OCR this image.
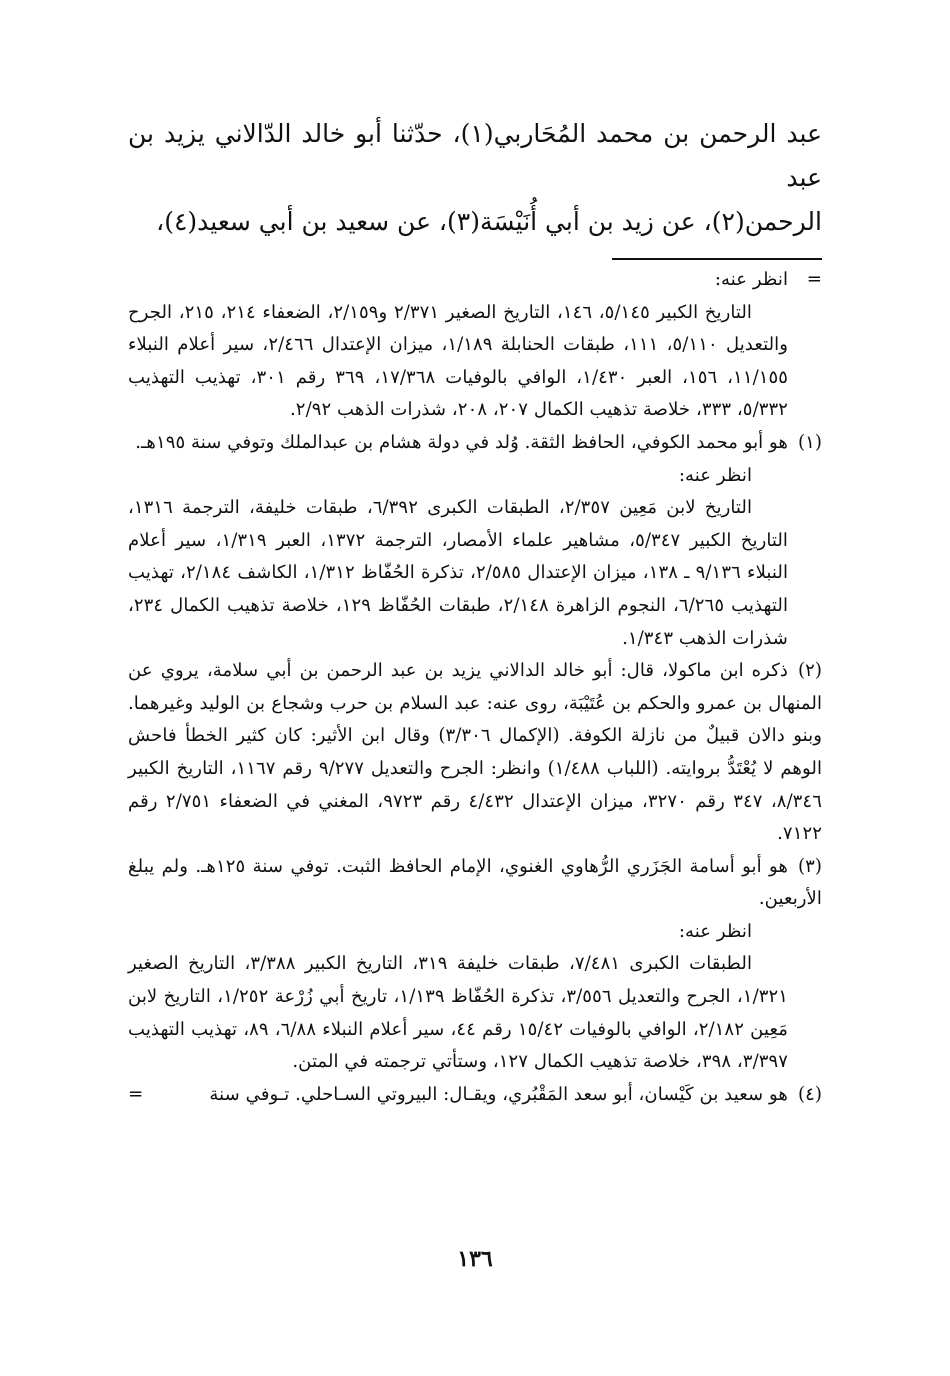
عبد الرحمن بن محمد المُحَاربي(١)، حدّثنا أبو خالد الدّالاني يزيد بن عبد

الرحمن(٢)، عن زيد بن أبي أُنَيْسَة(٣)، عن سعيد بن أبي سعيد(٤)،

=انظر عنه:

التاريخ الكبير ٥/١٤٥، ١٤٦، التاريخ الصغير ٢/٣٧١ و٢/١٥٩، الضعفاء ٢١٤، ٢١٥، الجرح والتعديل ٥/١١٠، ١١١، طبقات الحنابلة ١/١٨٩، ميزان الإعتدال ٢/٤٦٦، سير أعلام النبلاء ١١/١٥٥، ١٥٦، العبر ١/٤٣٠، الوافي بالوفيات ١٧/٣٦٨، ٣٦٩ رقم ٣٠١، تهذيب التهذيب ٥/٣٣٢، ٣٣٣، خلاصة تذهيب الكمال ٢٠٧، ٢٠٨، شذرات الذهب ٢/٩٢.

(١)هو أبو محمد الكوفي، الحافظ الثقة. وُلد في دولة هشام بن عبدالملك وتوفي سنة ١٩٥هـ.

انظر عنه:

التاريخ لابن مَعِين ٢/٣٥٧، الطبقات الكبرى ٦/٣٩٢، طبقات خليفة، الترجمة ١٣١٦، التاريخ الكبير ٥/٣٤٧، مشاهير علماء الأمصار، الترجمة ١٣٧٢، العبر ١/٣١٩، سير أعلام النبلاء ٩/١٣٦ ـ ١٣٨، ميزان الإعتدال ٢/٥٨٥، تذكرة الحُفّاظ ١/٣١٢، الكاشف ٢/١٨٤، تهذيب التهذيب ٦/٢٦٥، النجوم الزاهرة ٢/١٤٨، طبقات الحُفّاظ ١٢٩، خلاصة تذهيب الكمال ٢٣٤، شذرات الذهب ١/٣٤٣.

(٢)ذكره ابن ماكولا، قال: أبو خالد الدالاني يزيد بن عبد الرحمن بن أبي سلامة، يروي عن المنهال بن عمرو والحكم بن عُتَيْبَة، روى عنه: عبد السلام بن حرب وشجاع بن الوليد وغيرهما. وبنو دالان قبيلٌ من نازلة الكوفة. (الإكمال ٣/٣٠٦) وقال ابن الأثير: كان كثير الخطأ فاحش الوهم لا يُعْتَدُّ بروايته. (اللباب ١/٤٨٨) وانظر: الجرح والتعديل ٩/٢٧٧ رقم ١١٦٧، التاريخ الكبير ٨/٣٤٦، ٣٤٧ رقم ٣٢٧٠، ميزان الإعتدال ٤/٤٣٢ رقم ٩٧٢٣، المغني في الضعفاء ٢/٧٥١ رقم ٧١٢٢.

(٣)هو أبو أسامة الجَزَري الرُّهاوي الغنوي، الإمام الحافظ الثبت. توفي سنة ١٢٥هـ. ولم يبلغ الأربعين.

انظر عنه:

الطبقات الكبرى ٧/٤٨١، طبقات خليفة ٣١٩، التاريخ الكبير ٣/٣٨٨، التاريخ الصغير ١/٣٢١، الجرح والتعديل ٣/٥٥٦، تذكرة الحُفّاظ ١/١٣٩، تاريخ أبي زُرْعة ١/٢٥٢، التاريخ لابن مَعِين ٢/١٨٢، الوافي بالوفيات ١٥/٤٢ رقم ٤٤، سير أعلام النبلاء ٦/٨٨، ٨٩، تهذيب التهذيب ٣/٣٩٧، ٣٩٨، خلاصة تذهيب الكمال ١٢٧، وستأتي ترجمته في المتن.

=	(٤)هو سعيد بن كَيْسان، أبو سعد المَقْبُري، ويقـال: البيروتي السـاحلي. تـوفي سنة

١٣٦
